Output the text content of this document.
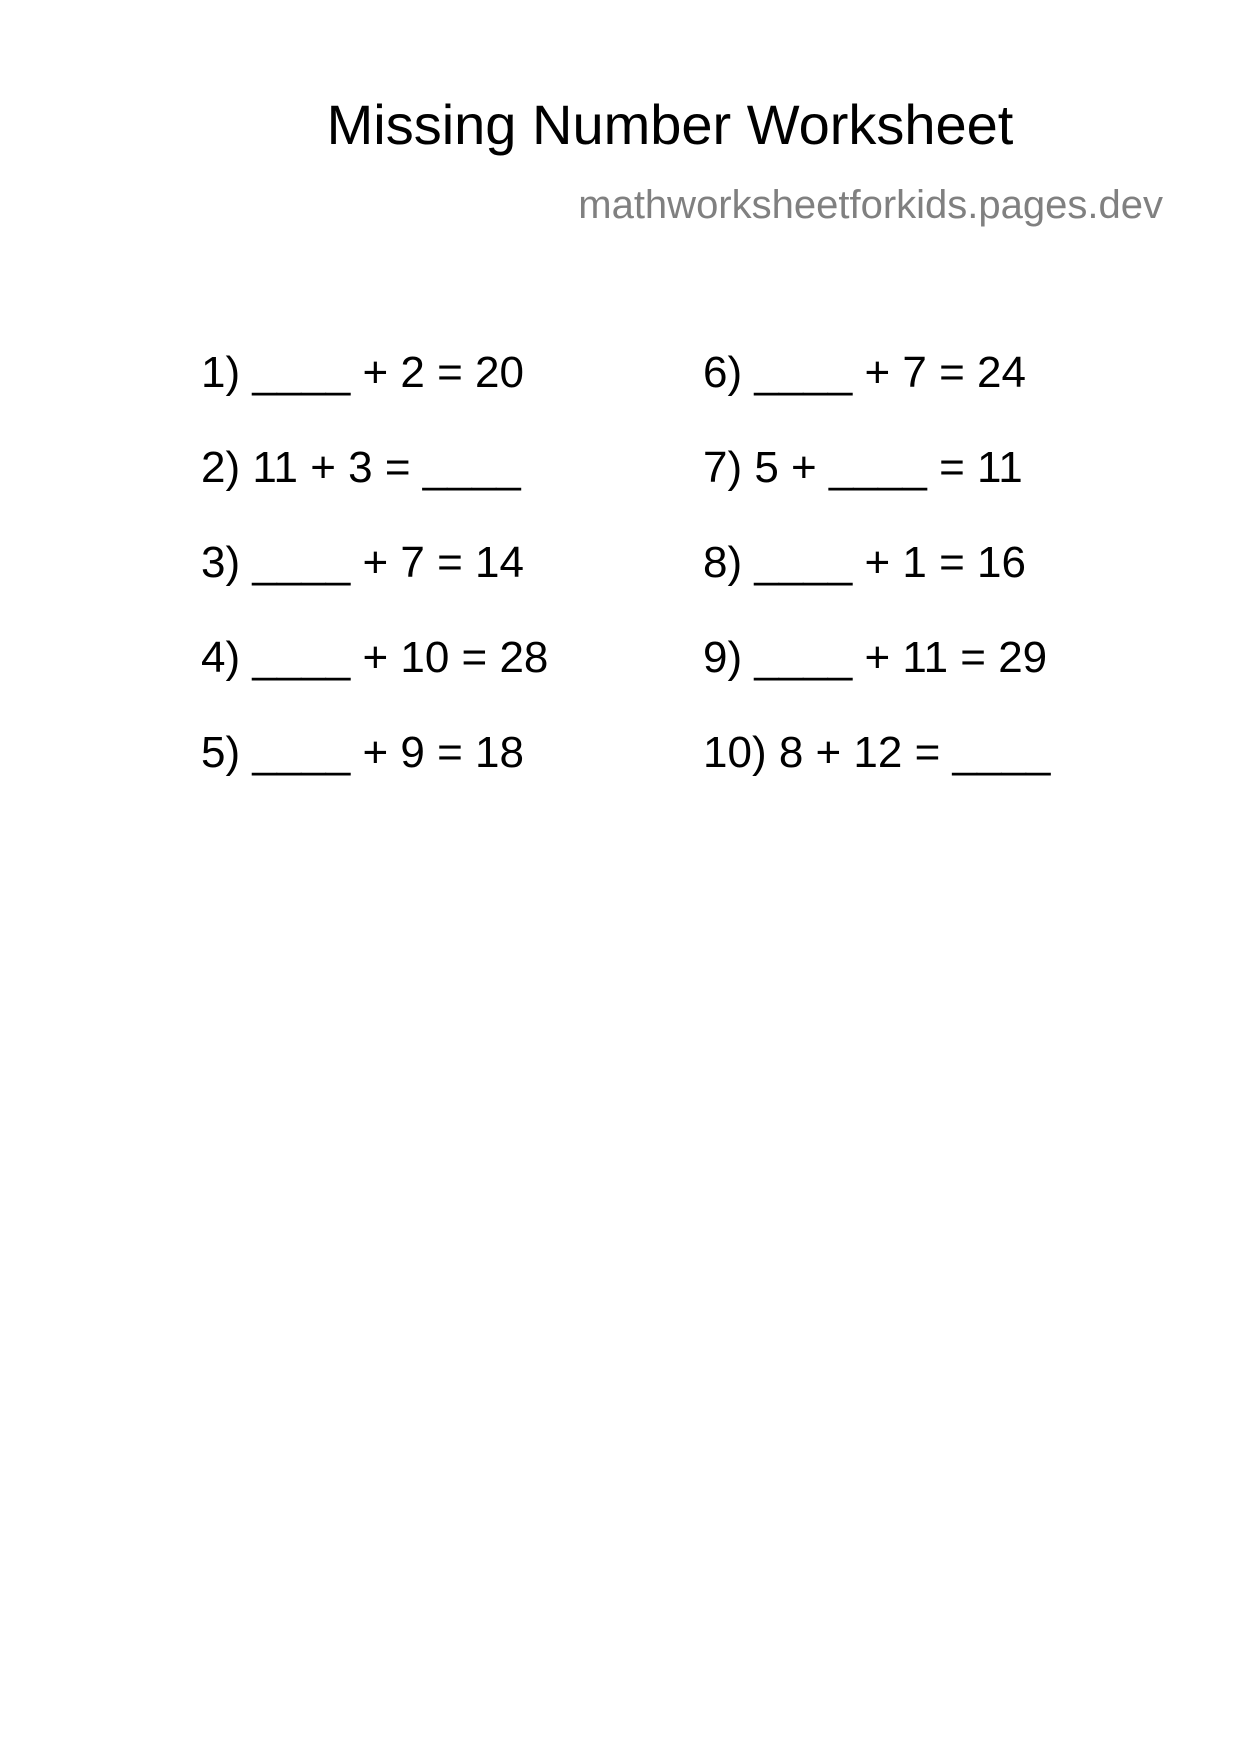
Missing Number Worksheet
mathworksheetforkids.pages.dev
1) ____ + 2 = 20
2) 11 + 3 = ____
3) ____ + 7 = 14
4) ____ + 10 = 28
5) ____ + 9 = 18
6) ____ + 7 = 24
7) 5 + ____ = 11
8) ____ + 1 = 16
9) ____ + 11 = 29
10) 8 + 12 = ____
